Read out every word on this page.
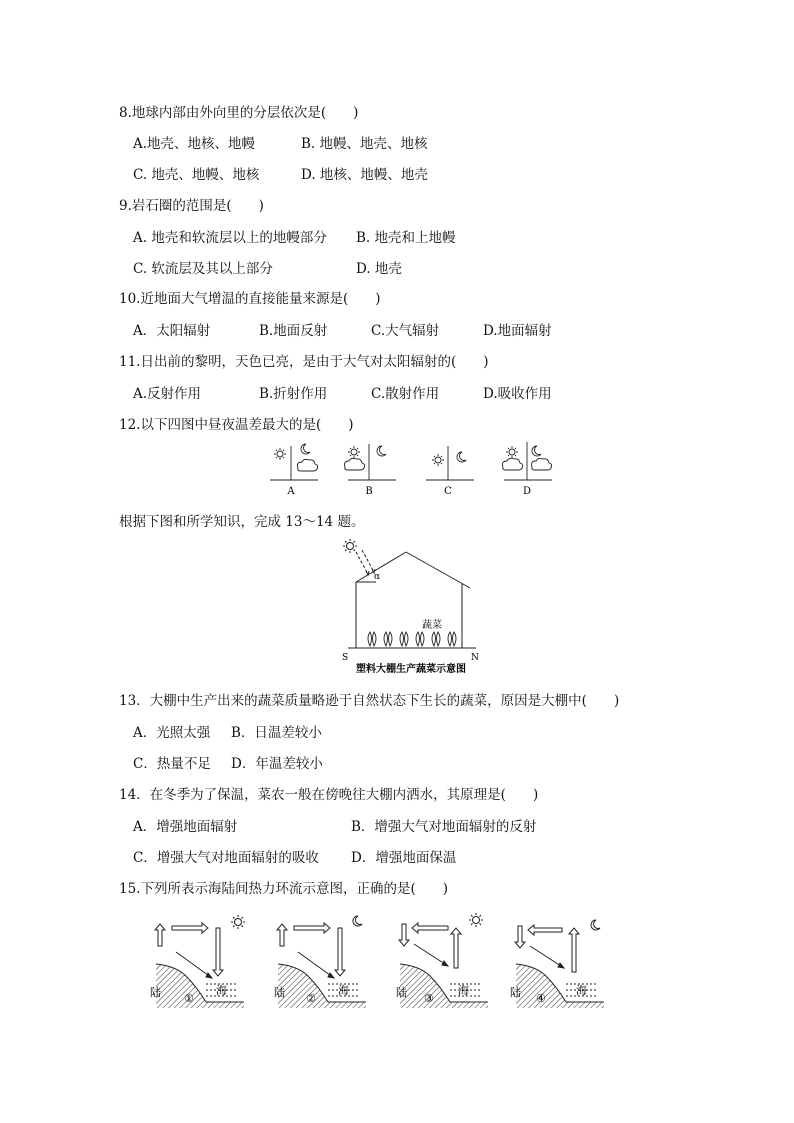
8.地球内部由外向里的分层依次是(　　)
A.地壳、地核、地幔	B. 地幔、地壳、地核
C. 地壳、地幔、地核	D. 地核、地幔、地壳
9.岩石圈的范围是(　　)
A. 地壳和软流层以上的地幔部分 B. 地壳和上地幔
C. 软流层及其以上部分	D. 地壳
10.近地面大气增温的直接能量来源是(　　)
A．太阳辐射	B.地面反射	C.大气辐射	D.地面辐射
11.日出前的黎明，天色已亮，是由于大气对太阳辐射的(　　)
A.反射作用	B.折射作用	C.散射作用	D.吸收作用
12.以下四图中昼夜温差最大的是(　　)
A	B	C	D
根据下图和所学知识，完成 13～14 题。
α
蔬菜
S	N
塑料大棚生产蔬菜示意图
13．大棚中生产出来的蔬菜质量略逊于自然状态下生长的蔬菜，原因是大棚中(　　)
A．光照太强 B．日温差较小
C．热量不足 D．年温差较小
14．在冬季为了保温，菜农一般在傍晚往大棚内洒水，其原理是(　　)
A．增强地面辐射	B．增强大气对地面辐射的反射
C．增强大气对地面辐射的吸收 D．增强地面保温
15.下列所表示海陆间热力环流示意图，正确的是(　　)
陆	海
①	陆	海
②	陆	海
③	陆	海
④
